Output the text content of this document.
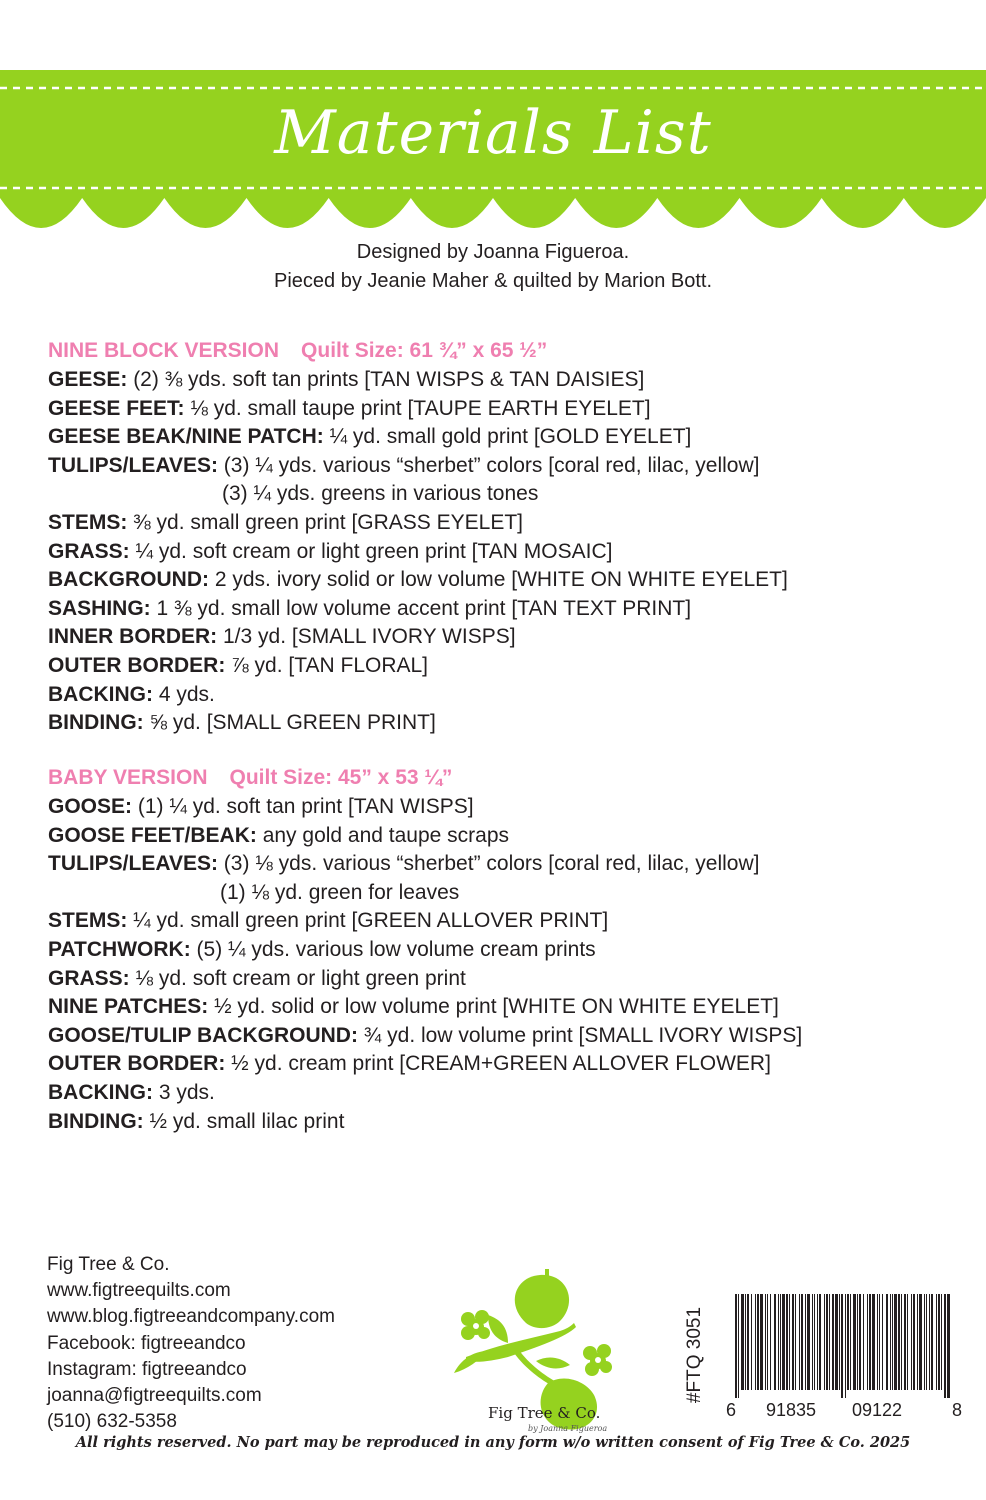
Materials List
Designed by Joanna Figueroa.
Pieced by Jeanie Maher & quilted by Marion Bott.
NINE BLOCK VERSION Quilt Size: 61 ¾” x 65 ½”
GEESE: (2) ⅜ yds. soft tan prints [TAN WISPS & TAN DAISIES]
GEESE FEET: ⅛ yd. small taupe print [TAUPE EARTH EYELET]
GEESE BEAK/NINE PATCH: ¼ yd. small gold print [GOLD EYELET]
TULIPS/LEAVES: (3) ¼ yds. various “sherbet” colors [coral red, lilac, yellow]
(3) ¼ yds. greens in various tones
STEMS: ⅜ yd. small green print [GRASS EYELET]
GRASS: ¼ yd. soft cream or light green print [TAN MOSAIC]
BACKGROUND: 2 yds. ivory solid or low volume [WHITE ON WHITE EYELET]
SASHING: 1 ⅜ yd. small low volume accent print [TAN TEXT PRINT]
INNER BORDER: 1/3 yd. [SMALL IVORY WISPS]
OUTER BORDER: ⅞ yd. [TAN FLORAL]
BACKING: 4 yds.
BINDING: ⅝ yd. [SMALL GREEN PRINT]
BABY VERSION Quilt Size: 45” x 53 ¼”
GOOSE: (1) ¼ yd. soft tan print [TAN WISPS]
GOOSE FEET/BEAK: any gold and taupe scraps
TULIPS/LEAVES: (3) ⅛ yds. various “sherbet” colors [coral red, lilac, yellow]
(1) ⅛ yd. green for leaves
STEMS: ¼ yd. small green print [GREEN ALLOVER PRINT]
PATCHWORK: (5) ¼ yds. various low volume cream prints
GRASS: ⅛ yd. soft cream or light green print
NINE PATCHES: ½ yd. solid or low volume print [WHITE ON WHITE EYELET]
GOOSE/TULIP BACKGROUND: ¾ yd. low volume print [SMALL IVORY WISPS]
OUTER BORDER: ½ yd. cream print [CREAM+GREEN ALLOVER FLOWER]
BACKING: 3 yds.
BINDING: ½ yd. small lilac print
Fig Tree & Co.
www.figtreequilts.com
www.blog.figtreeandcompany.com
Facebook: figtreeandco
Instagram: figtreeandco
joanna@figtreequilts.com
(510) 632-5358	Fig Tree & Co.
by Joanna Figueroa
#FTQ 3051
6 91835 09122	8
All rights reserved. No part may be reproduced in any form w/o written consent of Fig Tree & Co. 2025
